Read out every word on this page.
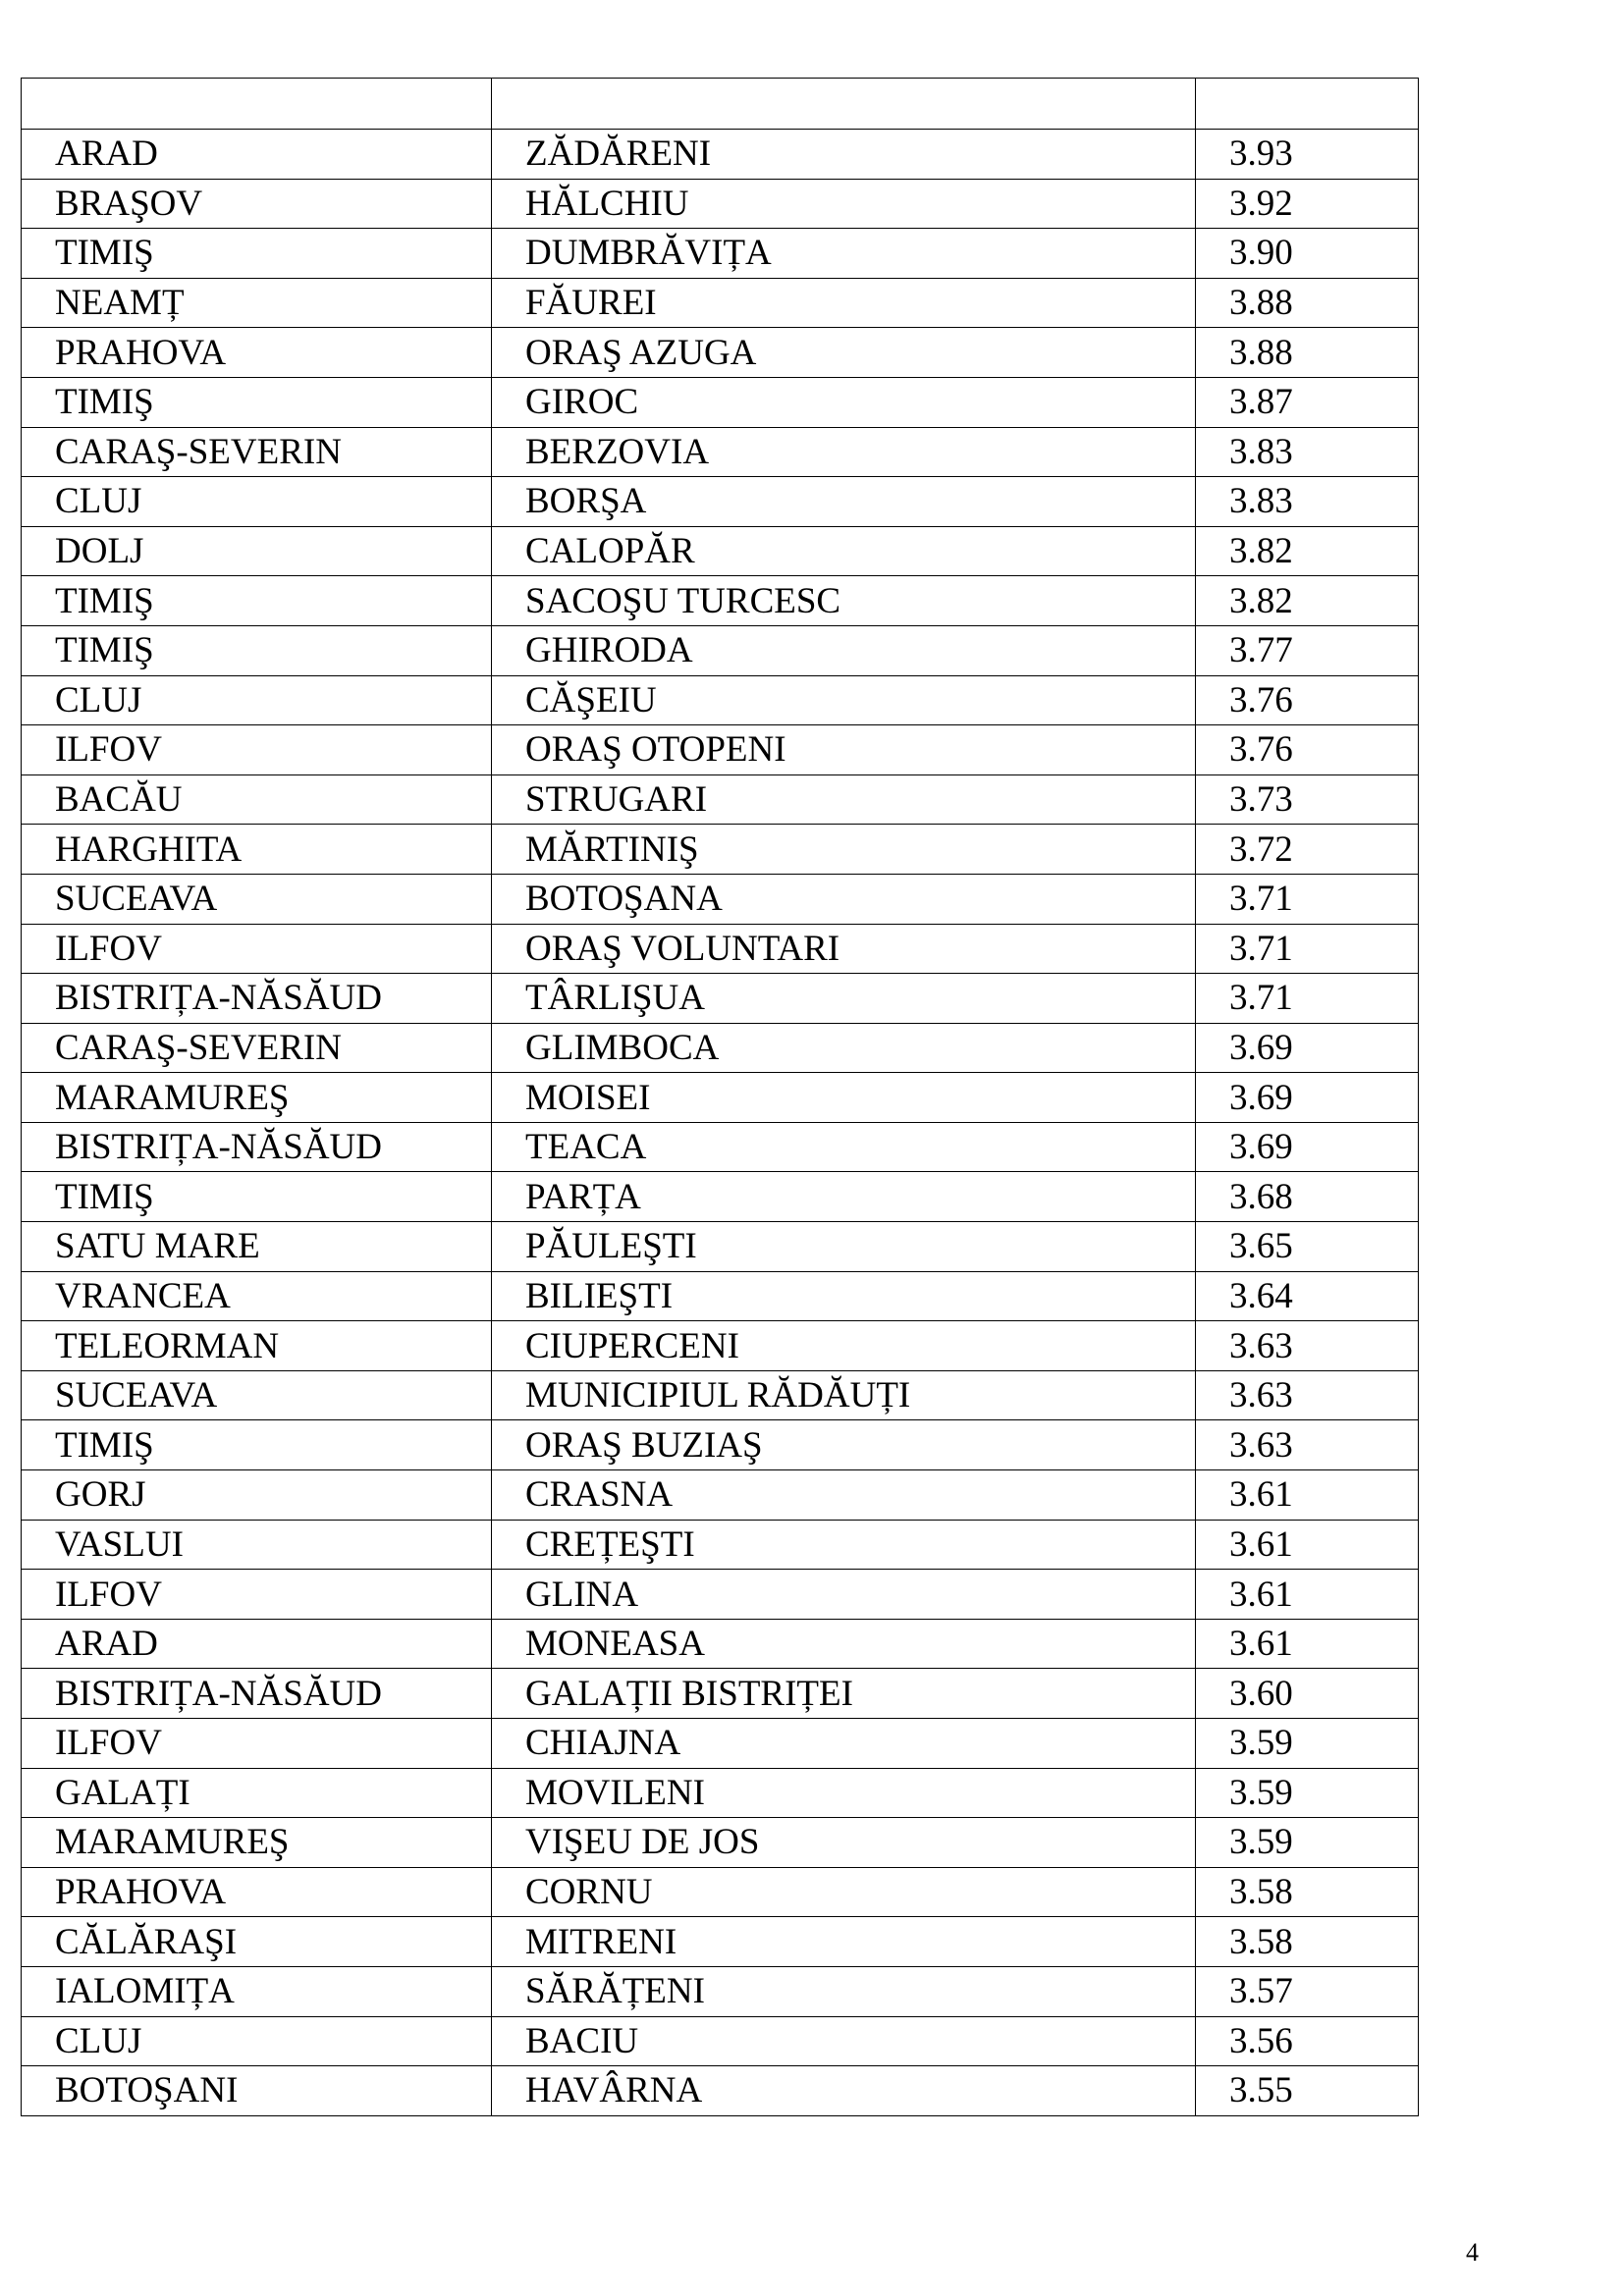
ARAD	ZĂDĂRENI	3.93
BRAŞOV	HĂLCHIU	3.92
TIMIŞ	DUMBRĂVIȚA	3.90
NEAMȚ	FĂUREI	3.88
PRAHOVA	ORAŞ AZUGA	3.88
TIMIŞ	GIROC	3.87
CARAŞ-SEVERIN	BERZOVIA	3.83
CLUJ	BORŞA	3.83
DOLJ	CALOPĂR	3.82
TIMIŞ	SACOŞU TURCESC	3.82
TIMIŞ	GHIRODA	3.77
CLUJ	CĂŞEIU	3.76
ILFOV	ORAŞ OTOPENI	3.76
BACĂU	STRUGARI	3.73
HARGHITA	MĂRTINIŞ	3.72
SUCEAVA	BOTOŞANA	3.71
ILFOV	ORAŞ VOLUNTARI	3.71
BISTRIȚA-NĂSĂUD	TÂRLIŞUA	3.71
CARAŞ-SEVERIN	GLIMBOCA	3.69
MARAMUREŞ	MOISEI	3.69
BISTRIȚA-NĂSĂUD	TEACA	3.69
TIMIŞ	PARȚA	3.68
SATU MARE	PĂULEŞTI	3.65
VRANCEA	BILIEŞTI	3.64
TELEORMAN	CIUPERCENI	3.63
SUCEAVA	MUNICIPIUL RĂDĂUȚI	3.63
TIMIŞ	ORAŞ BUZIAŞ	3.63
GORJ	CRASNA	3.61
VASLUI	CREȚEŞTI	3.61
ILFOV	GLINA	3.61
ARAD	MONEASA	3.61
BISTRIȚA-NĂSĂUD	GALAȚII BISTRIȚEI	3.60
ILFOV	CHIAJNA	3.59
GALAȚI	MOVILENI	3.59
MARAMUREŞ	VIŞEU DE JOS	3.59
PRAHOVA	CORNU	3.58
CĂLĂRAŞI	MITRENI	3.58
IALOMIȚA	SĂRĂȚENI	3.57
CLUJ	BACIU	3.56
BOTOŞANI	HAVÂRNA	3.55
4
